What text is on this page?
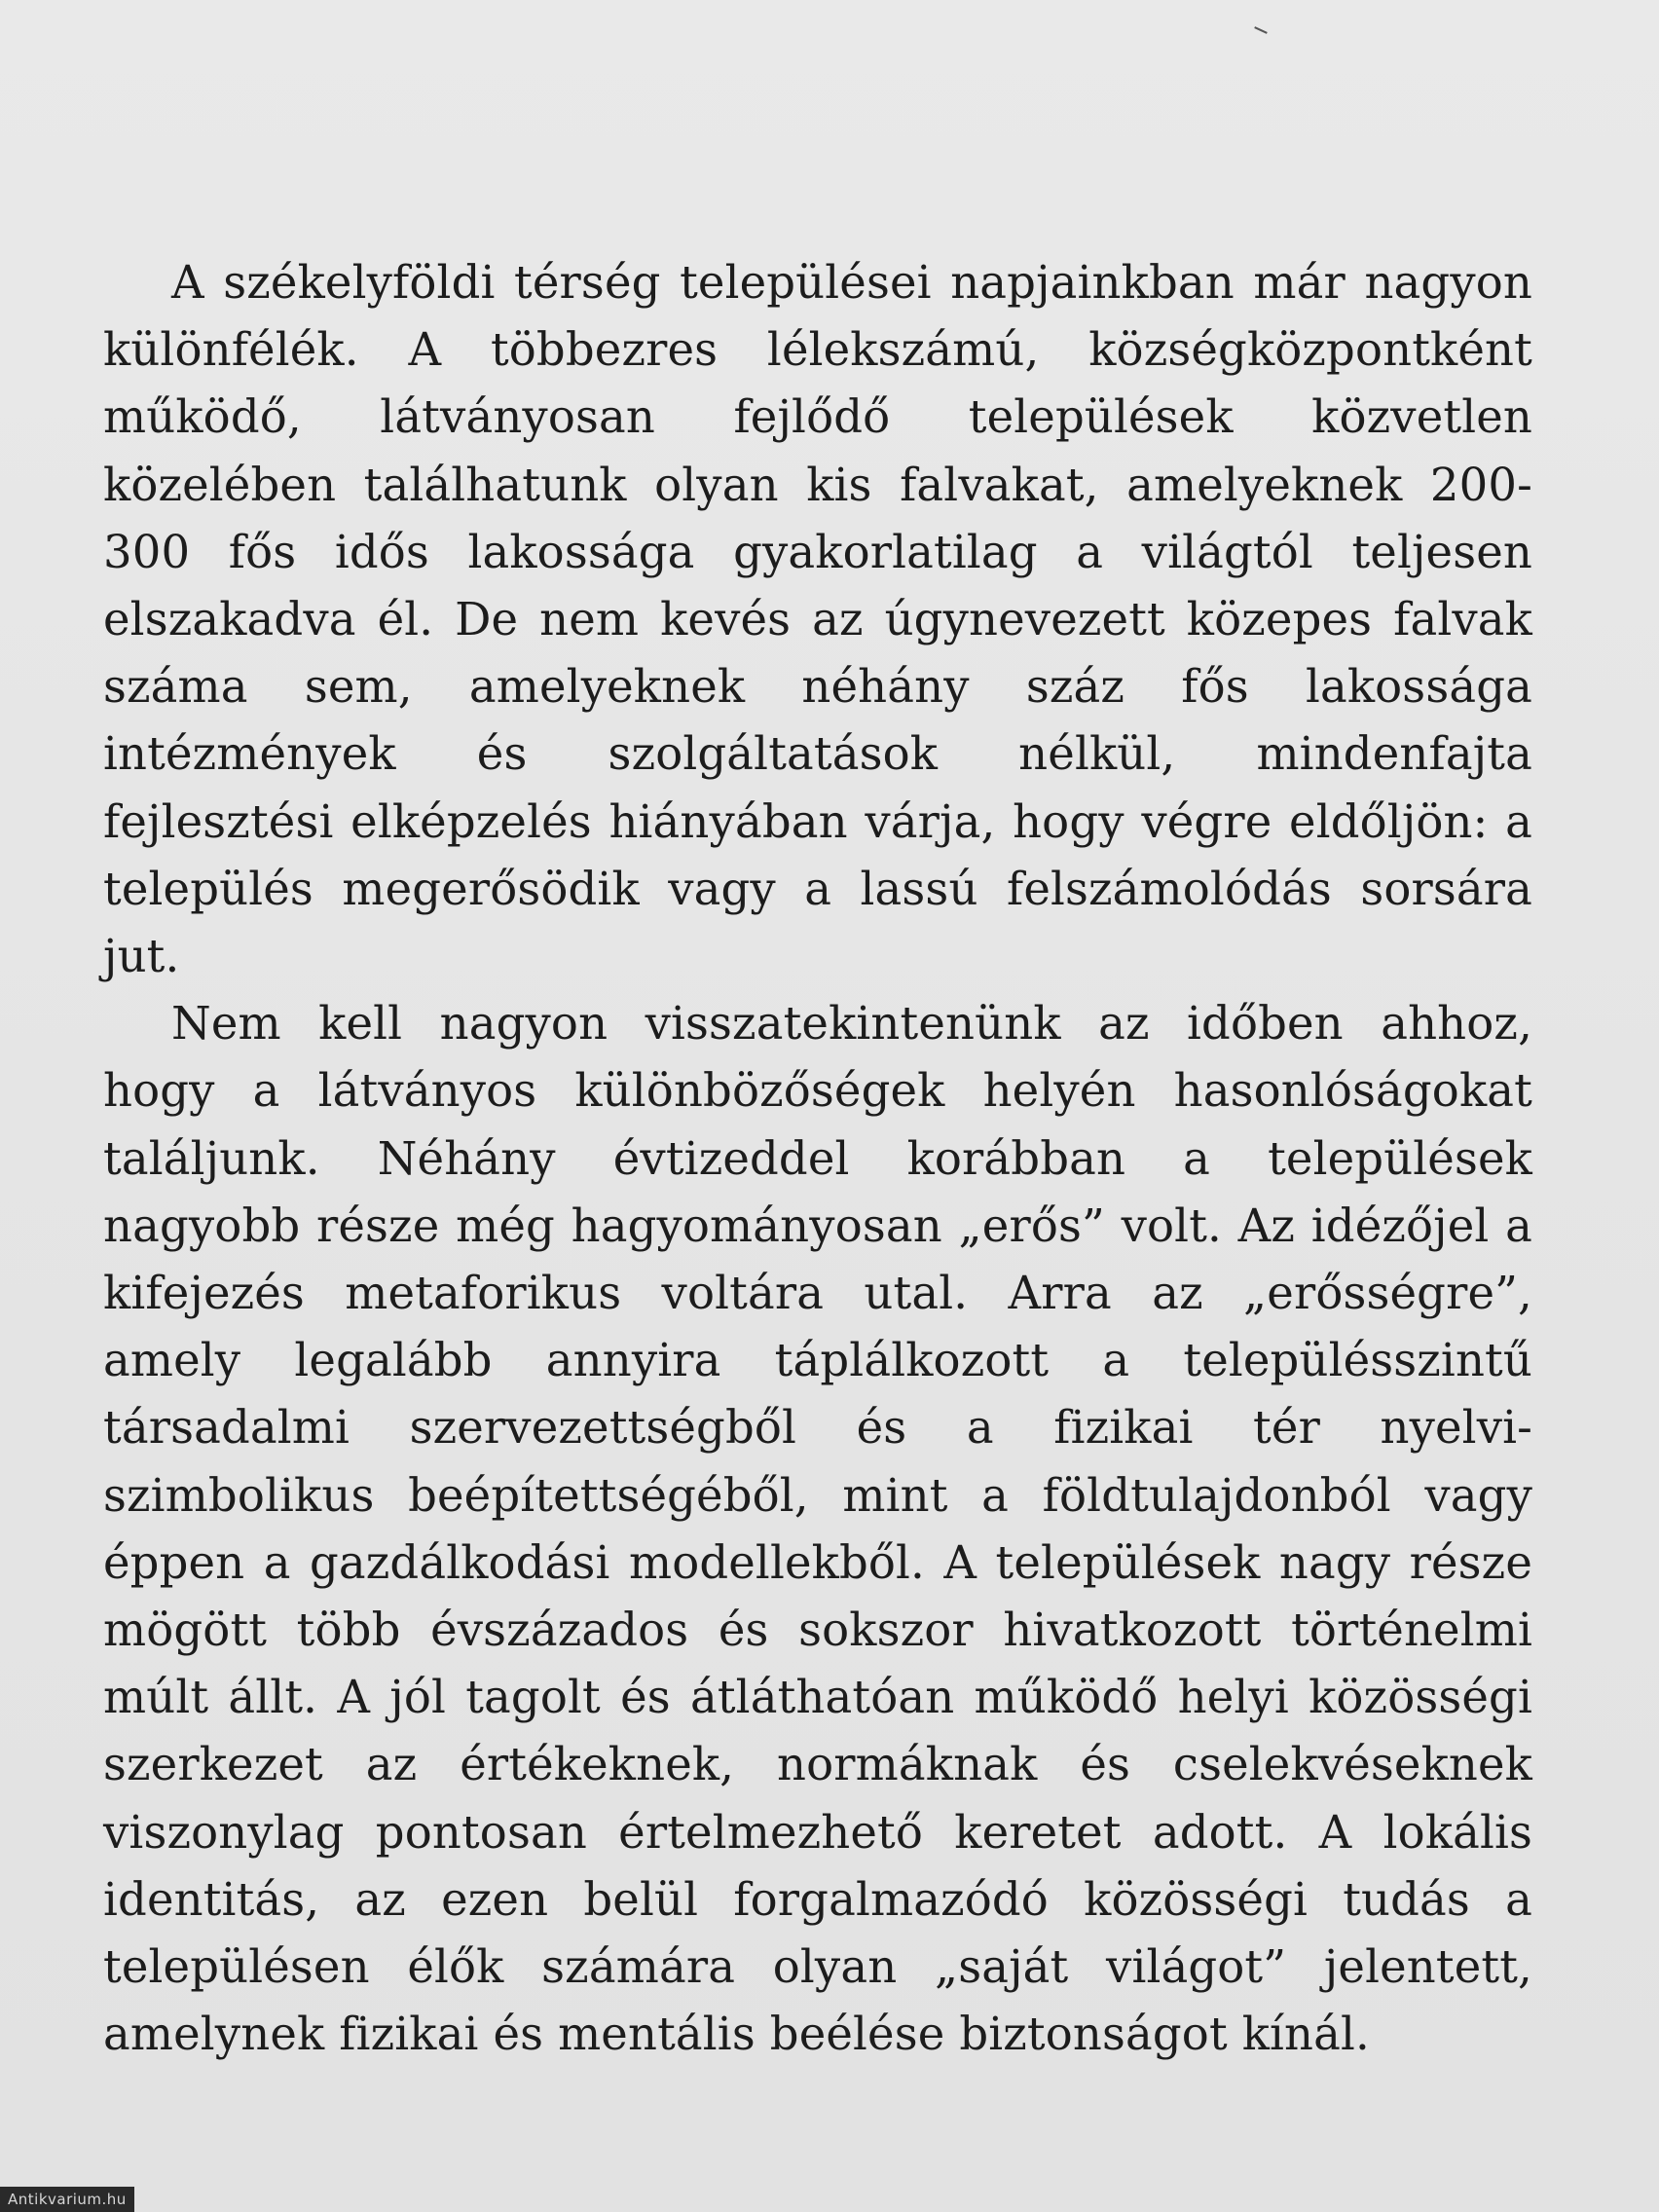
A székelyföldi térség települései napjainkban már nagyon
különfélék. A többezres lélekszámú, községközpontként
működő, látványosan fejlődő települések közvetlen
közelében találhatunk olyan kis falvakat, amelyeknek 200-
300 fős idős lakossága gyakorlatilag a világtól teljesen
elszakadva él. De nem kevés az úgynevezett közepes falvak
száma sem, amelyeknek néhány száz fős lakossága
intézmények és szolgáltatások nélkül, mindenfajta
fejlesztési elképzelés hiányában várja, hogy végre eldőljön: a
település megerősödik vagy a lassú felszámolódás sorsára
jut.

Nem kell nagyon visszatekintenünk az időben ahhoz,
hogy a látványos különbözőségek helyén hasonlóságokat
találjunk. Néhány évtizeddel korábban a települések
nagyobb része még hagyományosan „erős” volt. Az idézőjel a
kifejezés metaforikus voltára utal. Arra az „erősségre”,
amely legalább annyira táplálkozott a településszintű
társadalmi szervezettségből és a fizikai tér nyelvi-
szimbolikus beépítettségéből, mint a földtulajdonból vagy
éppen a gazdálkodási modellekből. A települések nagy része
mögött több évszázados és sokszor hivatkozott történelmi
múlt állt. A jól tagolt és átláthatóan működő helyi közösségi
szerkezet az értékeknek, normáknak és cselekvéseknek
viszonylag pontosan értelmezhető keretet adott. A lokális
identitás, az ezen belül forgalmazódó közösségi tudás a
településen élők számára olyan „saját világot” jelentett,
amelynek fizikai és mentális beélése biztonságot kínál.

Antikvarium.hu
